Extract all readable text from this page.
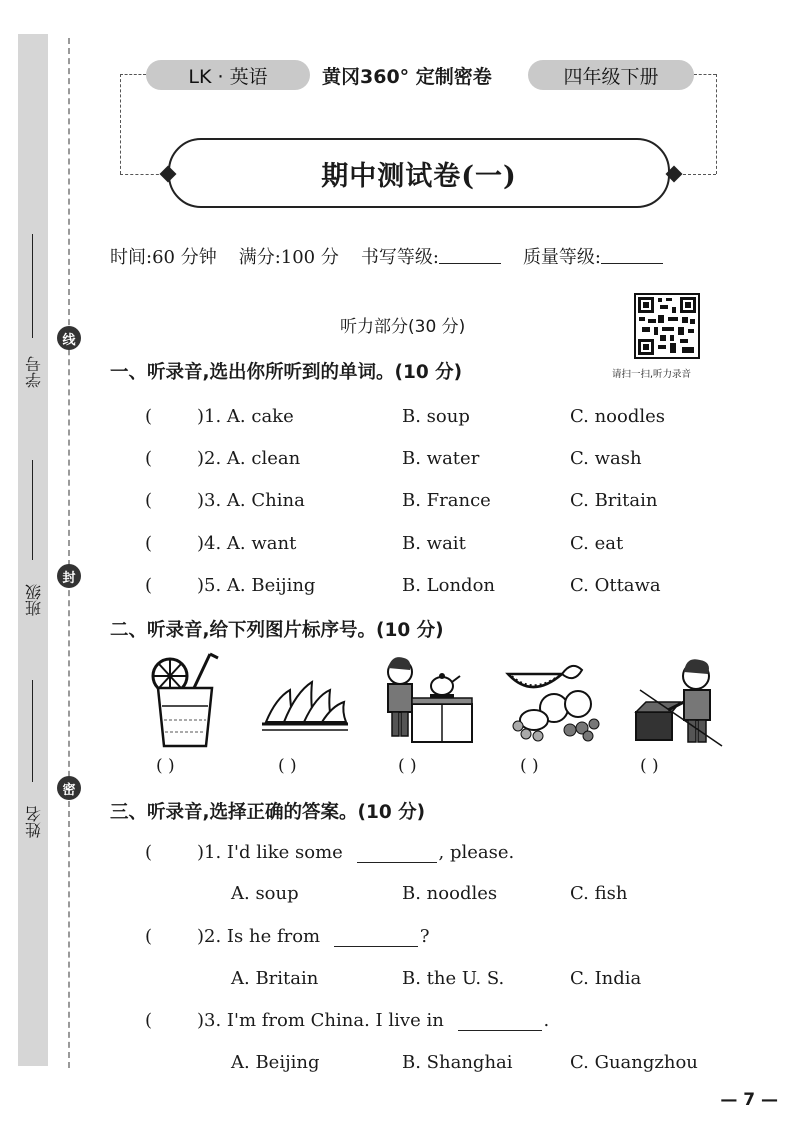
线
封
密
学号
班级
姓名
LK · 英语	黄冈360° 定制密卷	四年级下册
期中测试卷(一)
时间:60 分钟 满分:100 分 书写等级:	质量等级:
听力部分(30 分)
请扫一扫,听力录音
一、听录音,选出你所听到的单词。(10 分)
( )1. A. cake	B. soup	C. noodles
( )2. A. clean	B. water	C. wash
( )3. A. China	B. France	C. Britain
( )4. A. want	B. wait	C. eat
( )5. A. Beijing	B. London	C. Ottawa
二、听录音,给下列图片标序号。(10 分)
( )	( )	( )	( )	( )
三、听录音,选择正确的答案。(10 分)
( )1. I'd like some	, please.
A. soup	B. noodles	C. fish
( )2. Is he from	?
A. Britain	B. the U. S.	C. India
( )3. I'm from China. I live in	.
A. Beijing	B. Shanghai	C. Guangzhou
— 7 —
